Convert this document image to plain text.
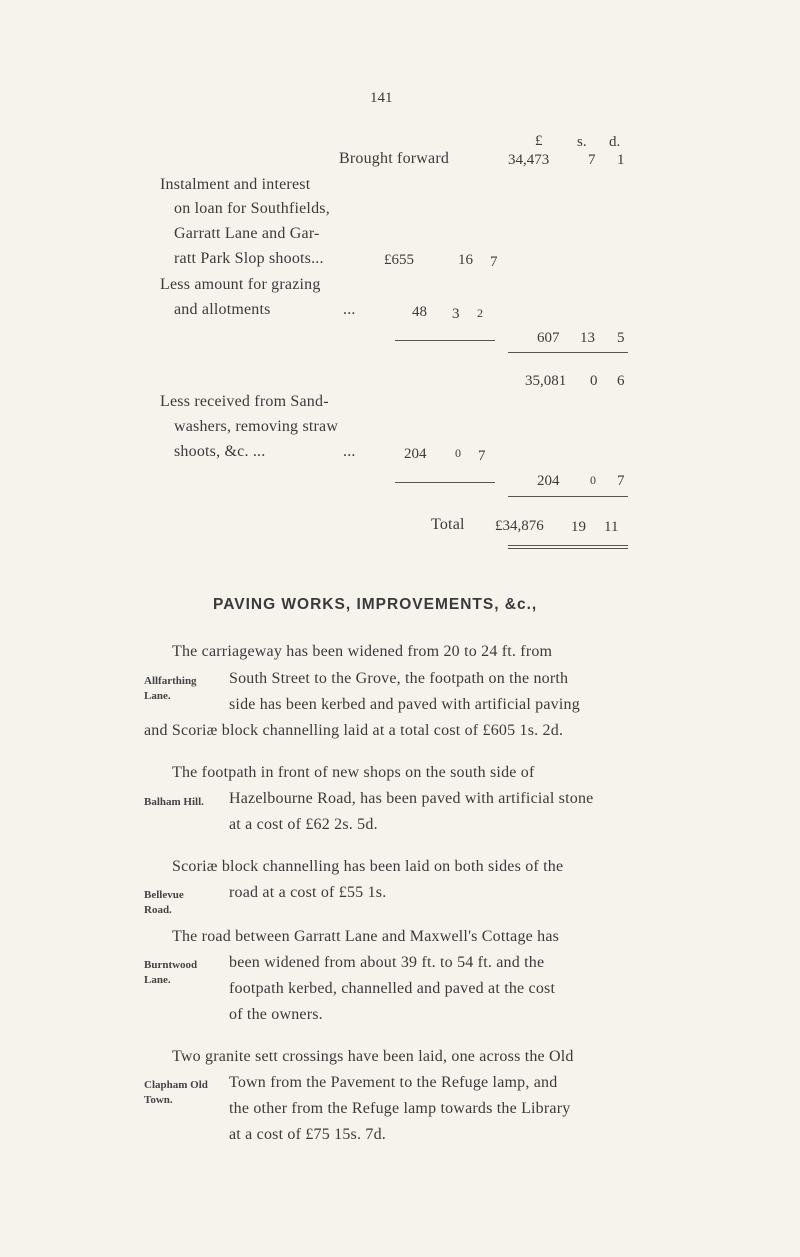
141
£ s. d.
Brought forward	34,473	7 1
Instalment and interest
on loan for Southfields,
Garratt Lane and Gar-
ratt Park Slop shoots...	£655	16 7
Less amount for grazing
and allotments	...	48 3 2
607 13 5
35,081 0 6
Less received from Sand-
washers, removing straw
shoots, &c. ...	...	204 0 7
204	0 7
Total £34,876 19 11
PAVING WORKS, IMPROVEMENTS, &c.,
The carriageway has been widened from 20 to 24 ft. from
Allfarthing Lane.
South Street to the Grove, the footpath on the north
side has been kerbed and paved with artificial paving
and Scoriæ block channelling laid at a total cost of £605 1s. 2d.
The footpath in front of new shops on the south side of
Balham Hill. Hazelbourne Road, has been paved with artificial stone
at a cost of £62 2s. 5d.
Scoriæ block channelling has been laid on both sides of the
Bellevue Road.
road at a cost of £55 1s.
The road between Garratt Lane and Maxwell's Cottage has
Burntwood Lane.
been widened from about 39 ft. to 54 ft. and the
footpath kerbed, channelled and paved at the cost
of the owners.
Two granite sett crossings have been laid, one across the Old
Clapham Old Town.
Town from the Pavement to the Refuge lamp, and
the other from the Refuge lamp towards the Library
at a cost of £75 15s. 7d.
